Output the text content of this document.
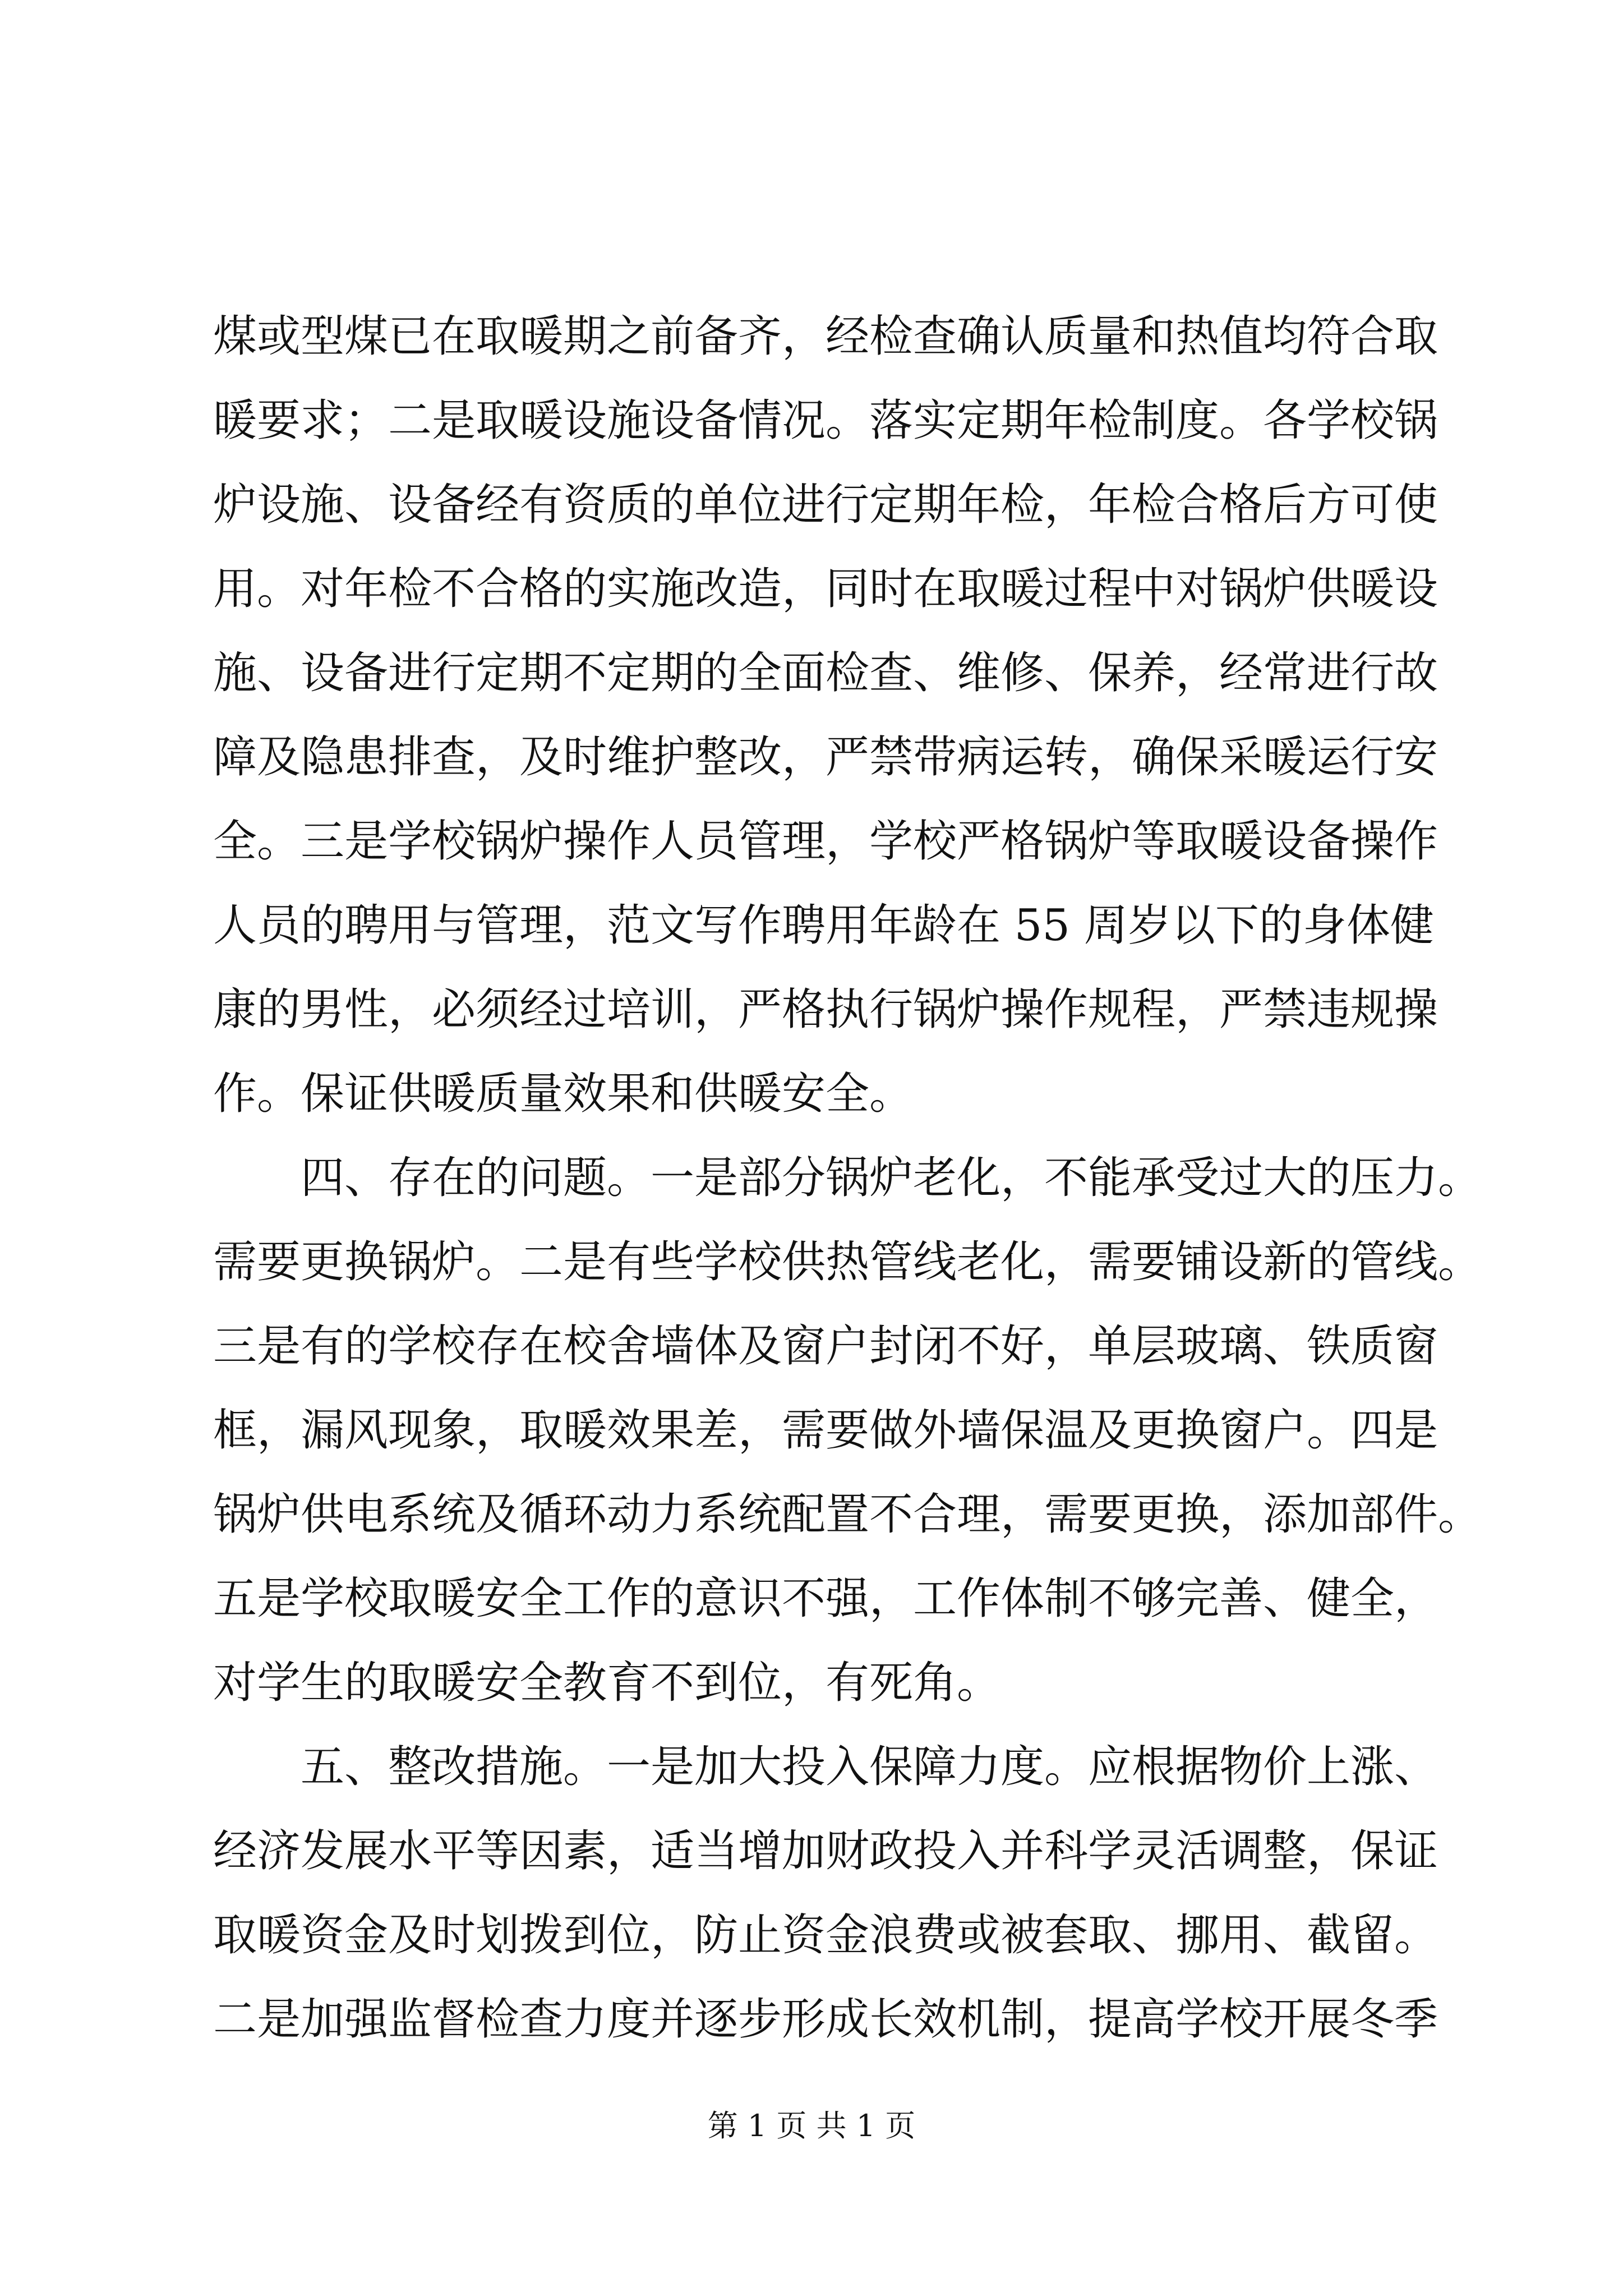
煤或型煤已在取暖期之前备齐，经检查确认质量和热值均符合取
暖要求；二是取暖设施设备情况。落实定期年检制度。各学校锅
炉设施、设备经有资质的单位进行定期年检，年检合格后方可使
用。对年检不合格的实施改造，同时在取暖过程中对锅炉供暖设
施、设备进行定期不定期的全面检查、维修、保养，经常进行故
障及隐患排查，及时维护整改，严禁带病运转，确保采暖运行安
全。三是学校锅炉操作人员管理，学校严格锅炉等取暖设备操作
人员的聘用与管理，范文写作聘用年龄在 55 周岁以下的身体健
康的男性，必须经过培训，严格执行锅炉操作规程，严禁违规操
作。保证供暖质量效果和供暖安全。
　　四、存在的问题。一是部分锅炉老化，不能承受过大的压力。
需要更换锅炉。二是有些学校供热管线老化，需要铺设新的管线。
三是有的学校存在校舍墙体及窗户封闭不好，单层玻璃、铁质窗
框，漏风现象，取暖效果差，需要做外墙保温及更换窗户。四是
锅炉供电系统及循环动力系统配置不合理，需要更换，添加部件。
五是学校取暖安全工作的意识不强，工作体制不够完善、健全，
对学生的取暖安全教育不到位，有死角。
　　五、整改措施。一是加大投入保障力度。应根据物价上涨、
经济发展水平等因素，适当增加财政投入并科学灵活调整，保证
取暖资金及时划拨到位，防止资金浪费或被套取、挪用、截留。
二是加强监督检查力度并逐步形成长效机制，提高学校开展冬季
第 1 页 共 1 页
